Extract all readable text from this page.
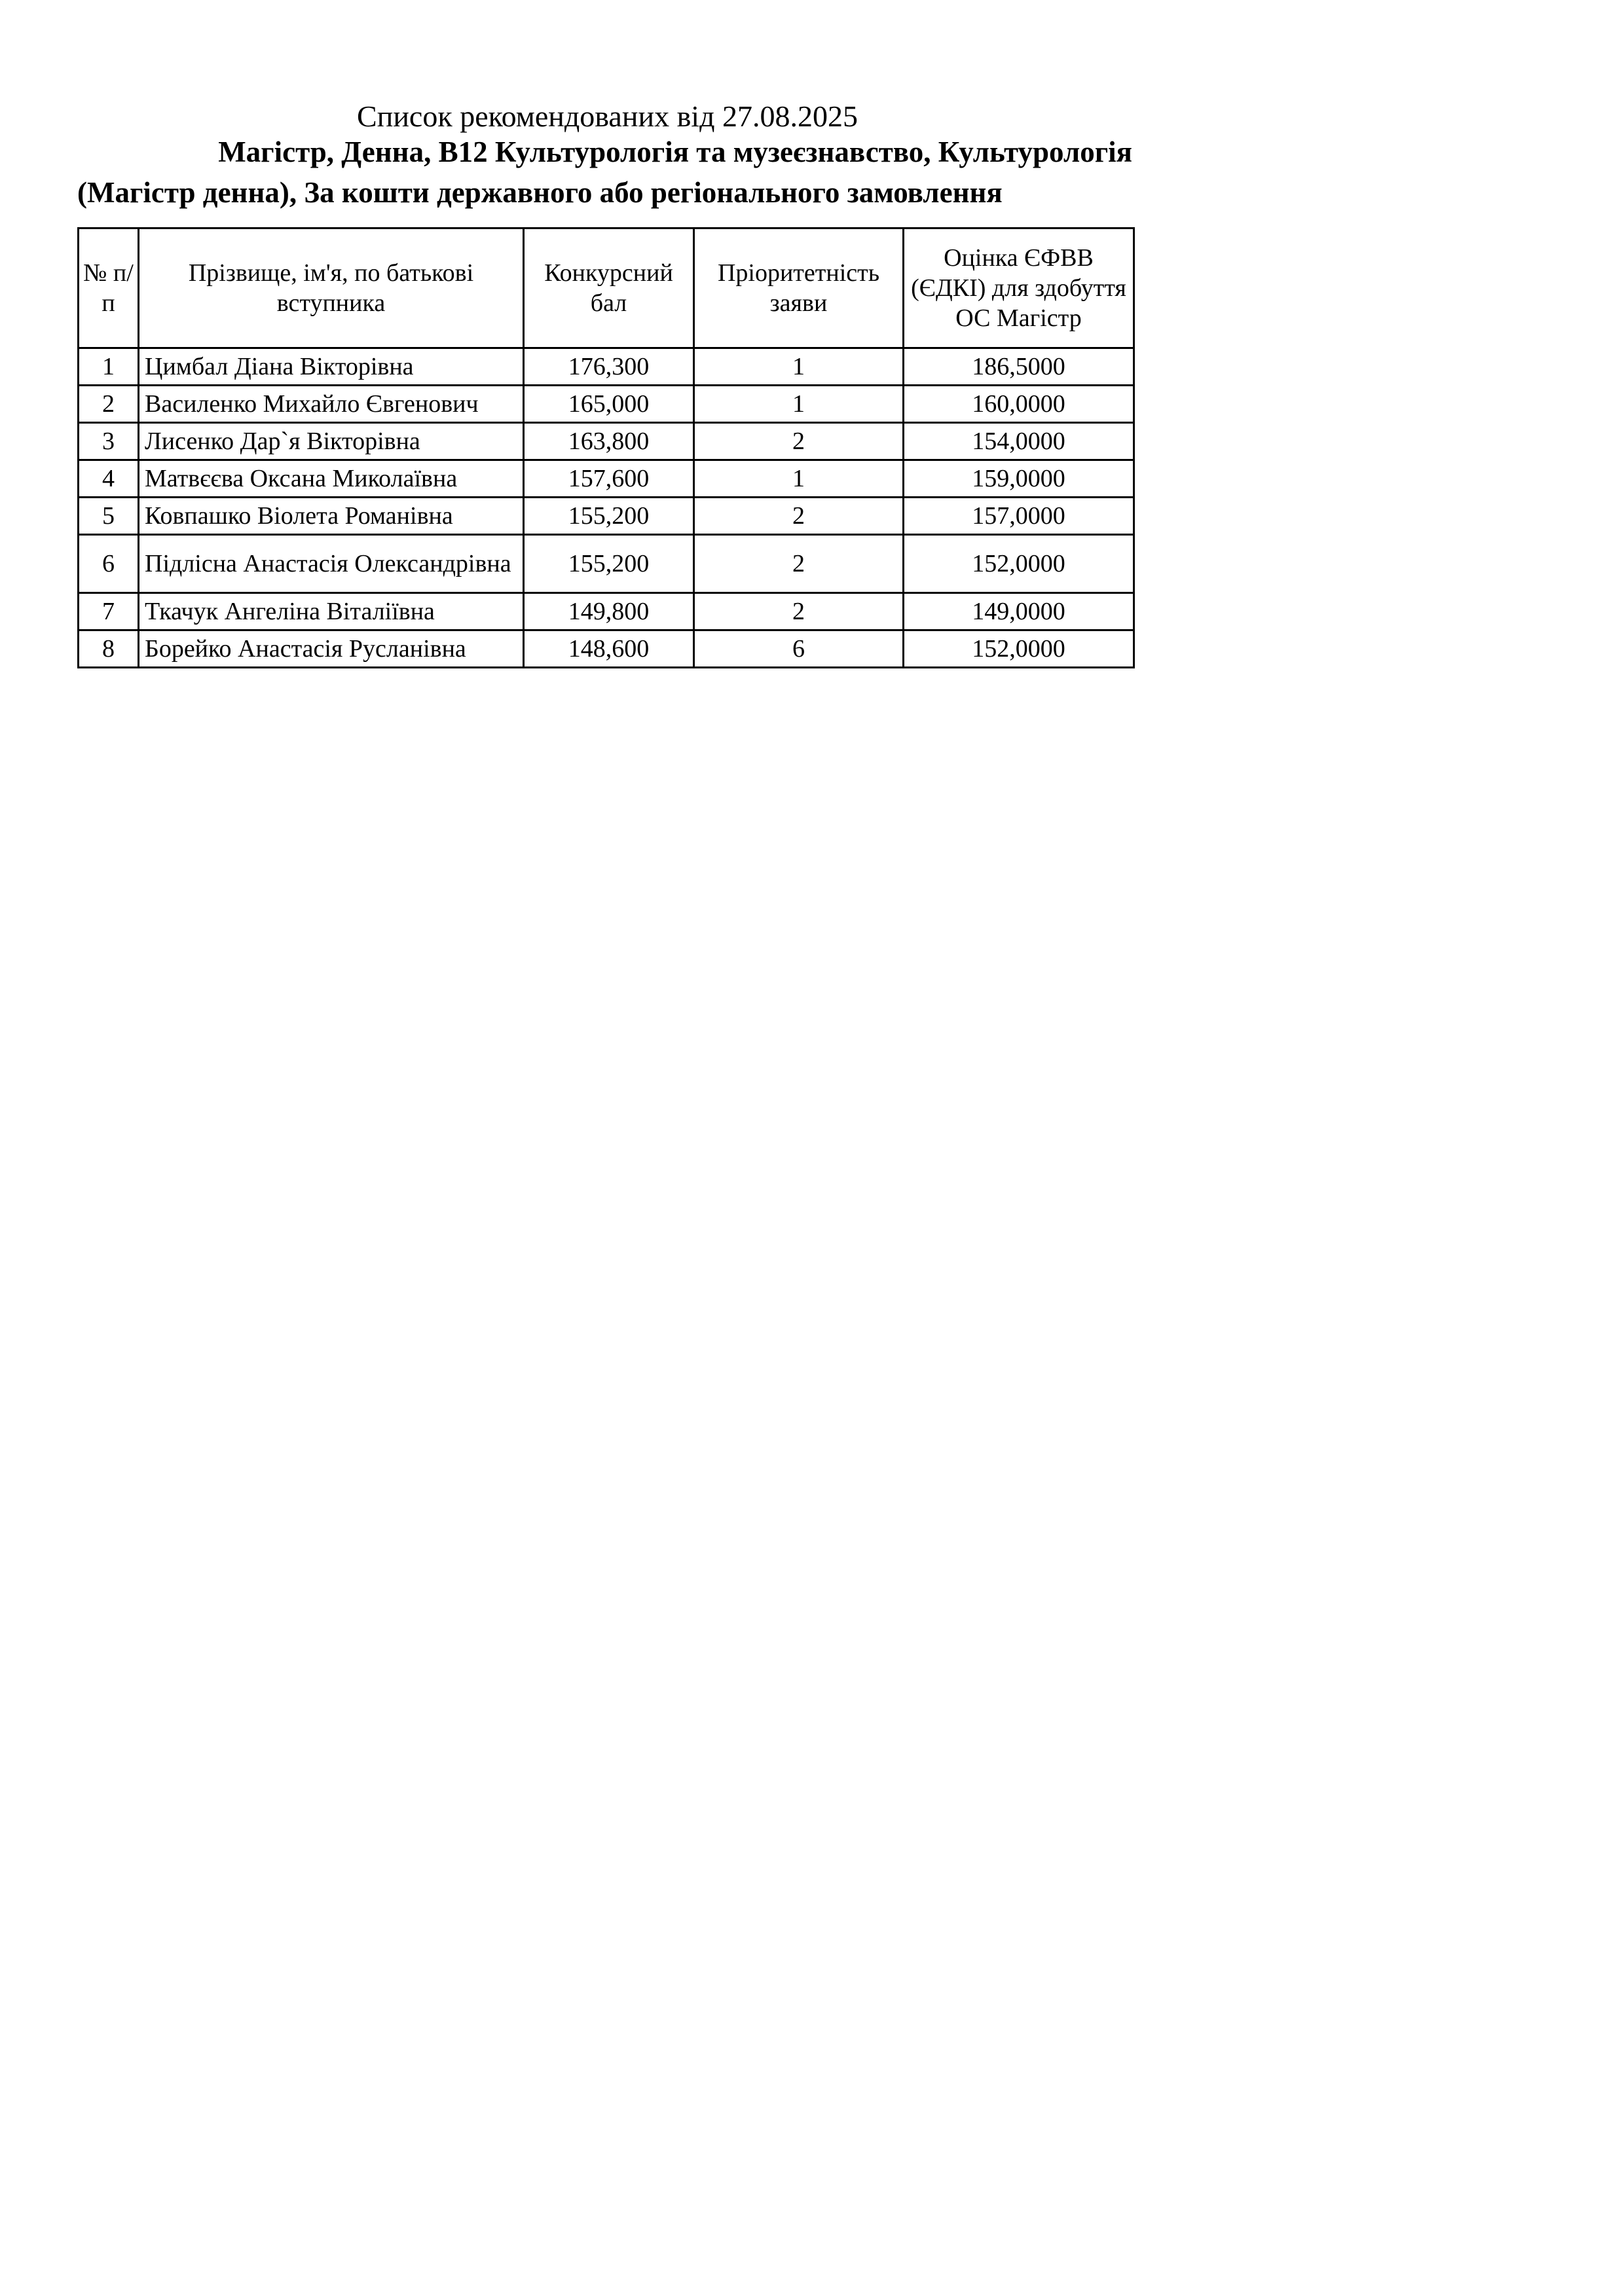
Список рекомендованих від 27.08.2025
Магістр, Денна, B12 Культурологія та музеєзнавство, Культурологія
(Магістр денна), За кошти державного або регіонального замовлення
№ п/п	Прізвище, ім'я, по батькові вступника	Конкурсний бал	Пріоритетність заяви	Оцінка ЄФВВ (ЄДКІ) для здобуття ОС Магістр
1	Цимбал Діана Вікторівна	176,300	1	186,5000
2	Василенко Михайло Євгенович	165,000	1	160,0000
3	Лисенко Дар`я Вікторівна	163,800	2	154,0000
4	Матвєєва Оксана Миколаївна	157,600	1	159,0000
5	Ковпашко Віолета Романівна	155,200	2	157,0000
6	Підлісна Анастасія Олександрівна	155,200	2	152,0000
7	Ткачук Ангеліна Віталіївна	149,800	2	149,0000
8	Борейко Анастасія Русланівна	148,600	6	152,0000
